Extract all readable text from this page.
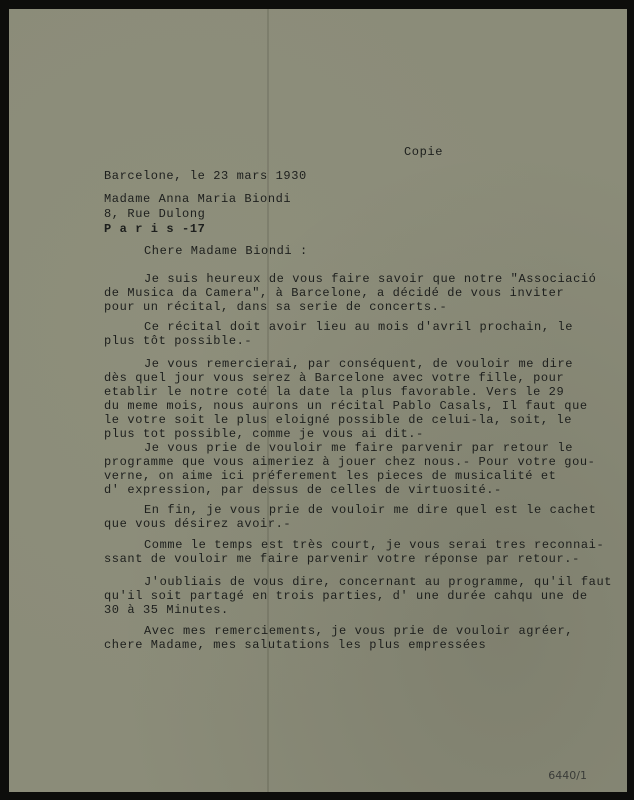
Copie
Barcelone, le 23 mars 1930
Madame Anna Maria Biondi
8, Rue Dulong
P a r i s -17
Chere Madame Biondi :
Je suis heureux de vous faire savoir que notre "Associació
de Musica da Camera", à Barcelone, a décidé de vous inviter
pour un récital, dans sa serie de concerts.-
Ce récital doit avoir lieu au mois d'avril prochain, le
plus tôt possible.-
Je vous remercierai, par conséquent, de vouloir me dire
dès quel jour vous serez à Barcelone avec votre fille, pour
etablir le notre coté la date la plus favorable. Vers le 29
du meme mois, nous aurons un récital Pablo Casals, Il faut que
le votre soit le plus eloigné possible de celui-la, soit, le
plus tot possible, comme je vous ai dit.-
Je vous prie de vouloir me faire parvenir par retour le
programme que vous aimeriez à jouer chez nous.- Pour votre gou-
verne, on aime ici préferement les pieces de musicalité et
d' expression, par dessus de celles de virtuosité.-
En fin, je vous prie de vouloir me dire quel est le cachet
que vous désirez avoir.-
Comme le temps est très court, je vous serai tres reconnai-
ssant de vouloir me faire parvenir votre réponse par retour.-
J'oubliais de vous dire, concernant au programme, qu'il faut
qu'il soit partagé en trois parties, d' une durée cahqu une de
30 à 35 Minutes.
Avec mes remerciements, je vous prie de vouloir agréer,
chere Madame, mes salutations les plus empressées
6440/1
